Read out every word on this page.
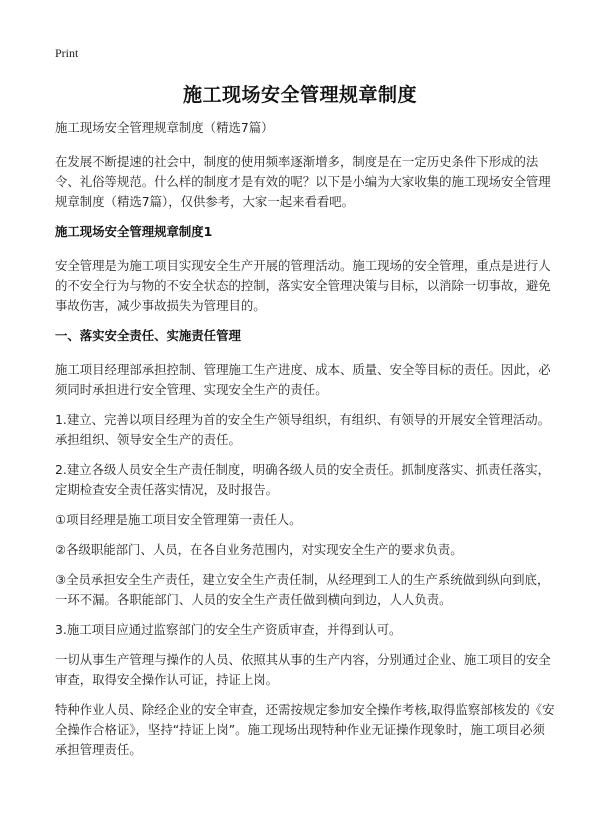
Print
施工现场安全管理规章制度

施工现场安全管理规章制度（精选7篇）

在发展不断提速的社会中，制度的使用频率逐渐增多，制度是在一定历史条件下形成的法令、礼俗等规范。什么样的制度才是有效的呢？以下是小编为大家收集的施工现场安全管理规章制度（精选7篇），仅供参考，大家一起来看看吧。

施工现场安全管理规章制度1

安全管理是为施工项目实现安全生产开展的管理活动。施工现场的安全管理，重点是进行人的不安全行为与物的不安全状态的控制，落实安全管理决策与目标，以消除一切事故，避免事故伤害，减少事故损失为管理目的。

一、落实安全责任、实施责任管理

施工项目经理部承担控制、管理施工生产进度、成本、质量、安全等目标的责任。因此，必须同时承担进行安全管理、实现安全生产的责任。

1.建立、完善以项目经理为首的安全生产领导组织，有组织、有领导的开展安全管理活动。承担组织、领导安全生产的责任。

2.建立各级人员安全生产责任制度，明确各级人员的安全责任。抓制度落实、抓责任落实，定期检查安全责任落实情况，及时报告。

①项目经理是施工项目安全管理第一责任人。

②各级职能部门、人员，在各自业务范围内，对实现安全生产的要求负责。

③全员承担安全生产责任，建立安全生产责任制，从经理到工人的生产系统做到纵向到底，一环不漏。各职能部门、人员的安全生产责任做到横向到边，人人负责。

3.施工项目应通过监察部门的安全生产资质审查，并得到认可。

一切从事生产管理与操作的人员、依照其从事的生产内容，分别通过企业、施工项目的安全审查，取得安全操作认可证，持证上岗。

特种作业人员、除经企业的安全审查，还需按规定参加安全操作考核,取得监察部核发的《安全操作合格证》，坚持“持证上岗”。施工现场出现特种作业无证操作现象时，施工项目必须承担管理责任。
